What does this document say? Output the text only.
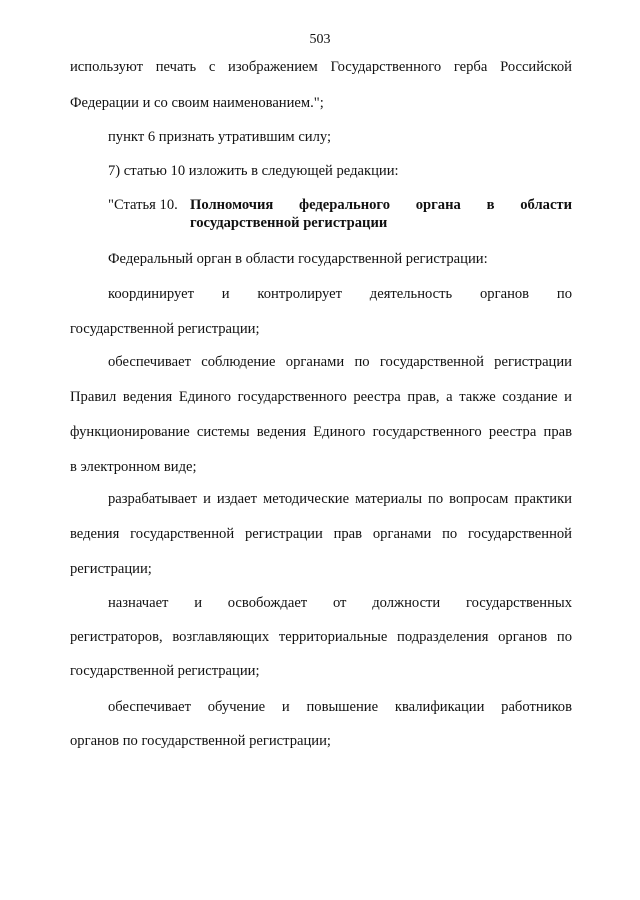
503
используют печать с изображением Государственного герба Российской
Федерации и со своим наименованием.";
пункт 6 признать утратившим силу;
7) статью 10 изложить в следующей редакции:
"Статья 10. Полномочия федерального органа в области
государственной регистрации
Федеральный орган в области государственной регистрации:
координирует и контролирует деятельность органов по
государственной регистрации;
обеспечивает соблюдение органами по государственной регистрации
Правил ведения Единого государственного реестра прав, а также создание и
функционирование системы ведения Единого государственного реестра прав
в электронном виде;
разрабатывает и издает методические материалы по вопросам практики
ведения государственной регистрации прав органами по государственной
регистрации;
назначает и освобождает от должности государственных
регистраторов, возглавляющих территориальные подразделения органов по
государственной регистрации;
обеспечивает обучение и повышение квалификации работников
органов по государственной регистрации;
